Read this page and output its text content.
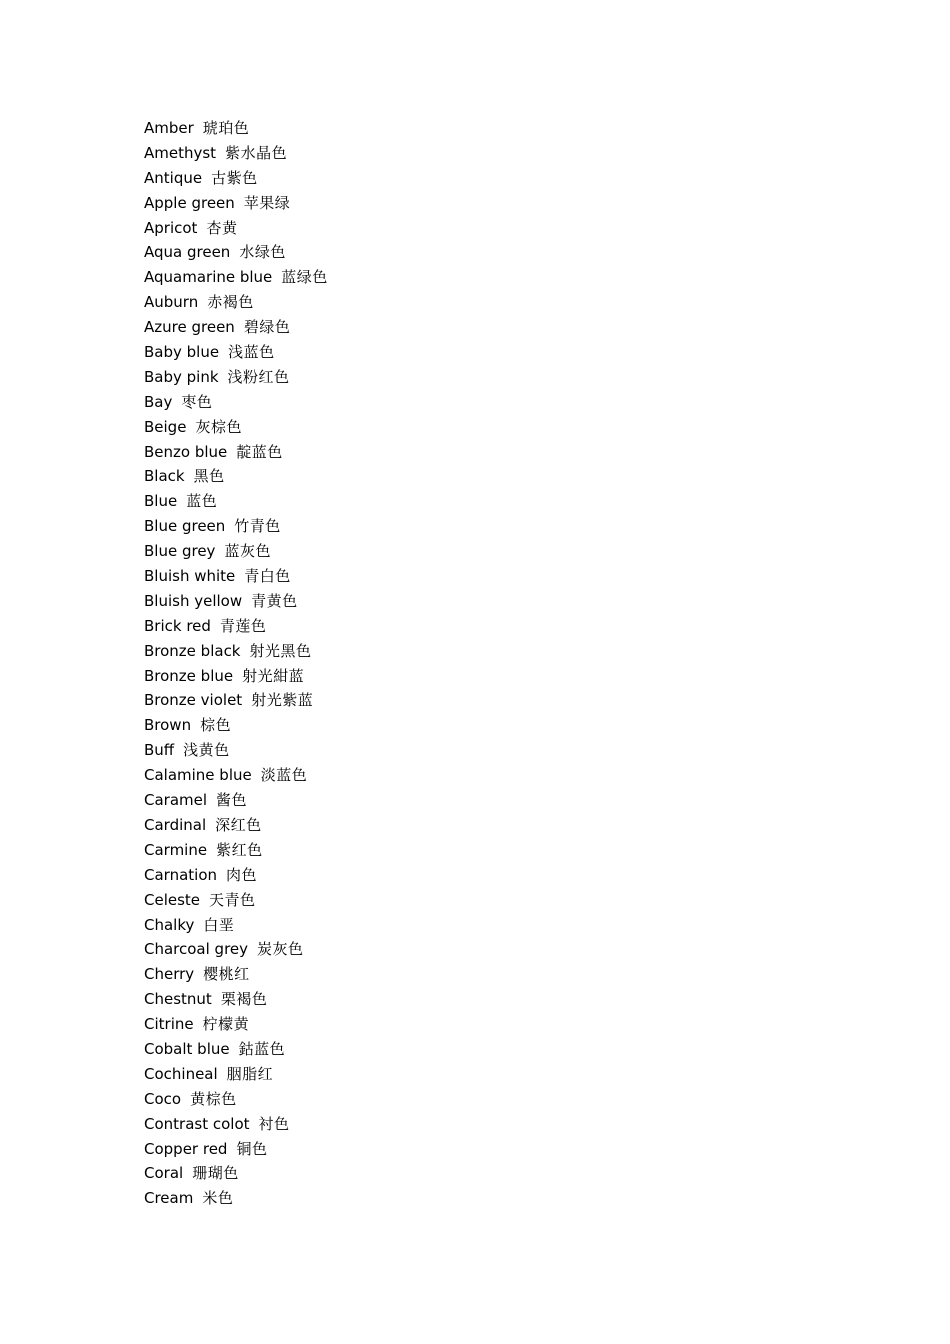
Amber 琥珀色
Amethyst 紫水晶色
Antique 古紫色
Apple green 苹果绿
Apricot 杏黄
Aqua green 水绿色
Aquamarine blue 蓝绿色
Auburn 赤褐色
Azure green 碧绿色
Baby blue 浅蓝色
Baby pink 浅粉红色
Bay 枣色
Beige 灰棕色
Benzo blue 靛蓝色
Black 黑色
Blue 蓝色
Blue green 竹青色
Blue grey 蓝灰色
Bluish white 青白色
Bluish yellow 青黄色
Brick red 青莲色
Bronze black 射光黑色
Bronze blue 射光紺蓝
Bronze violet 射光紫蓝
Brown 棕色
Buff 浅黄色
Calamine blue 淡蓝色
Caramel 酱色
Cardinal 深红色
Carmine 紫红色
Carnation 肉色
Celeste 天青色
Chalky 白垩
Charcoal grey 炭灰色
Cherry 樱桃红
Chestnut 栗褐色
Citrine 柠檬黄
Cobalt blue 鈷蓝色
Cochineal 胭脂红
Coco 黄棕色
Contrast colot 衬色
Copper red 铜色
Coral 珊瑚色
Cream 米色
